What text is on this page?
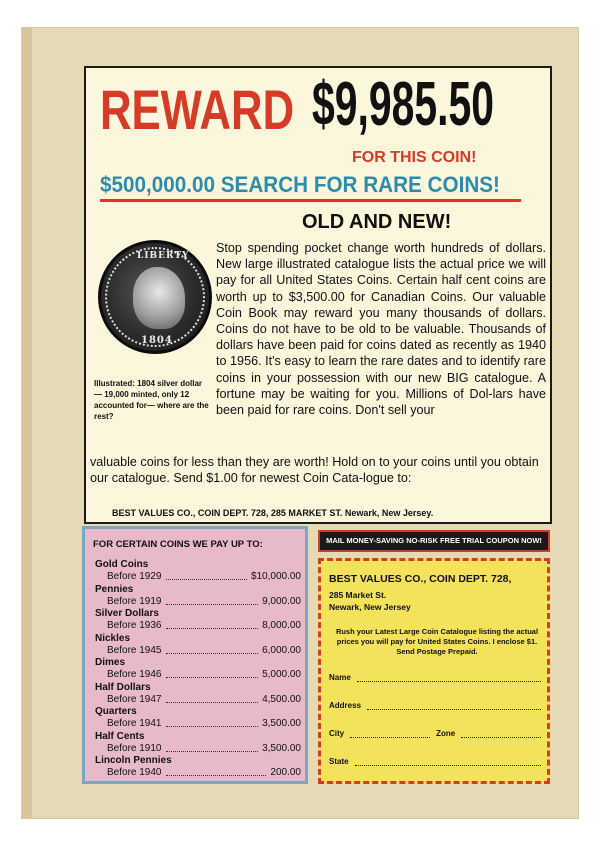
REWARD $9,985.50
FOR THIS COIN!
$500,000.00 SEARCH FOR RARE COINS!
OLD AND NEW!
LIBERTY
1804
Illustrated: 1804 silver dollar — 19,000 minted, only 12 accounted for— where are the rest?
Stop spending pocket change worth hundreds of dollars. New large illustrated catalogue lists the actual price we will pay for all United States Coins. Certain half cent coins are worth up to $3,500.00 for Canadian Coins. Our valuable Coin Book may reward you many thousands of dollars. Coins do not have to be old to be valuable. Thousands of dollars have been paid for coins dated as recently as 1940 to 1956. It's easy to learn the rare dates and to identify rare coins in your possession with our new BIG catalogue. A fortune may be waiting for you. Millions of Dol-lars have been paid for rare coins. Don't sell your
valuable coins for less than they are worth! Hold on to your coins until you obtain our catalogue. Send $1.00 for newest Coin Cata-logue to:
BEST VALUES CO., COIN DEPT. 728, 285 MARKET ST. Newark, New Jersey.
FOR CERTAIN COINS WE PAY UP TO:
Gold Coins
Before 1929	$10,000.00
Pennies
Before 1919	9,000.00
Silver Dollars
Before 1936	8,000.00
Nickles
Before 1945	6,000.00
Dimes
Before 1946	5,000.00
Half Dollars
Before 1947	4,500.00
Quarters
Before 1941	3,500.00
Half Cents
Before 1910	3,500.00
Lincoln Pennies
Before 1940	200.00
MAIL MONEY-SAVING NO-RISK FREE TRIAL COUPON NOW!
BEST VALUES CO., COIN DEPT. 728,
285 Market St.
Newark, New Jersey
Rush your Latest Large Coin Catalogue listing the actual prices you will pay for United States Coins. I enclose $1. Send Postage Prepaid.
Name
Address
City	Zone
State
